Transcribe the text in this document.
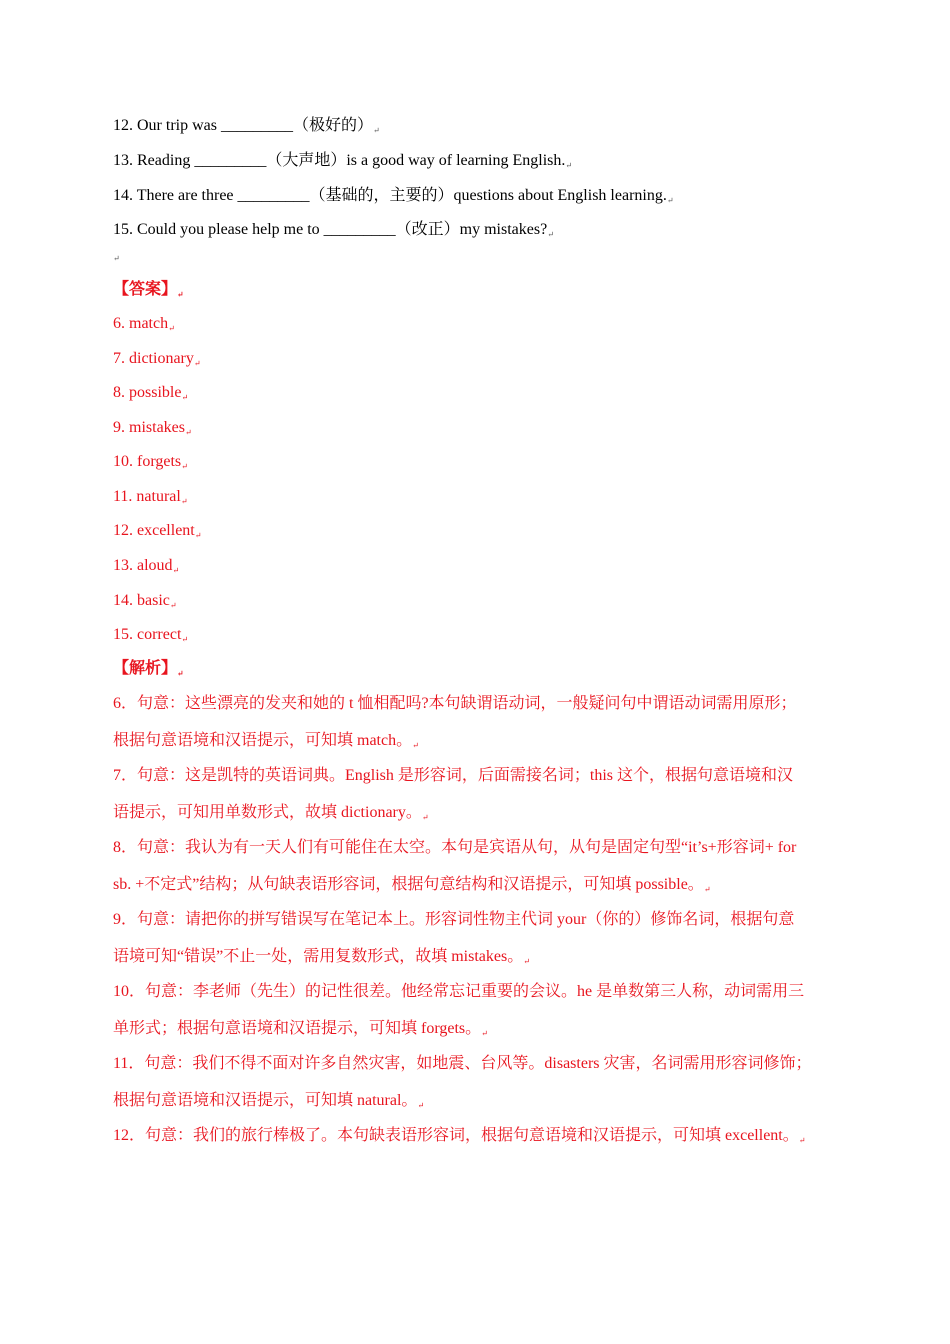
12. Our trip was _________（极好的）↵
13. Reading _________（大声地）is a good way of learning English.↵
14. There are three _________（基础的，主要的）questions about English learning.↵
15. Could you please help me to _________（改正）my mistakes?↵
↵
【答案】↵
6. match↵
7. dictionary↵
8. possible↵
9. mistakes↵
10. forgets↵
11. natural↵
12. excellent↵
13. aloud↵
14. basic↵
15. correct↵
【解析】↵
6．句意：这些漂亮的发夹和她的 t 恤相配吗?本句缺谓语动词，一般疑问句中谓语动词需用原形；
根据句意语境和汉语提示，可知填 match。↵
7．句意：这是凯特的英语词典。English 是形容词，后面需接名词；this 这个，根据句意语境和汉
语提示，可知用单数形式，故填 dictionary。↵
8．句意：我认为有一天人们有可能住在太空。本句是宾语从句，从句是固定句型“it’s+形容词+ for
sb. +不定式”结构；从句缺表语形容词，根据句意结构和汉语提示，可知填 possible。↵
9．句意：请把你的拼写错误写在笔记本上。形容词性物主代词 your（你的）修饰名词，根据句意
语境可知“错误”不止一处，需用复数形式，故填 mistakes。↵
10．句意：李老师（先生）的记性很差。他经常忘记重要的会议。he 是单数第三人称，动词需用三
单形式；根据句意语境和汉语提示，可知填 forgets。↵
11．句意：我们不得不面对许多自然灾害，如地震、台风等。disasters 灾害，名词需用形容词修饰；
根据句意语境和汉语提示，可知填 natural。↵
12．句意：我们的旅行棒极了。本句缺表语形容词，根据句意语境和汉语提示，可知填 excellent。↵
